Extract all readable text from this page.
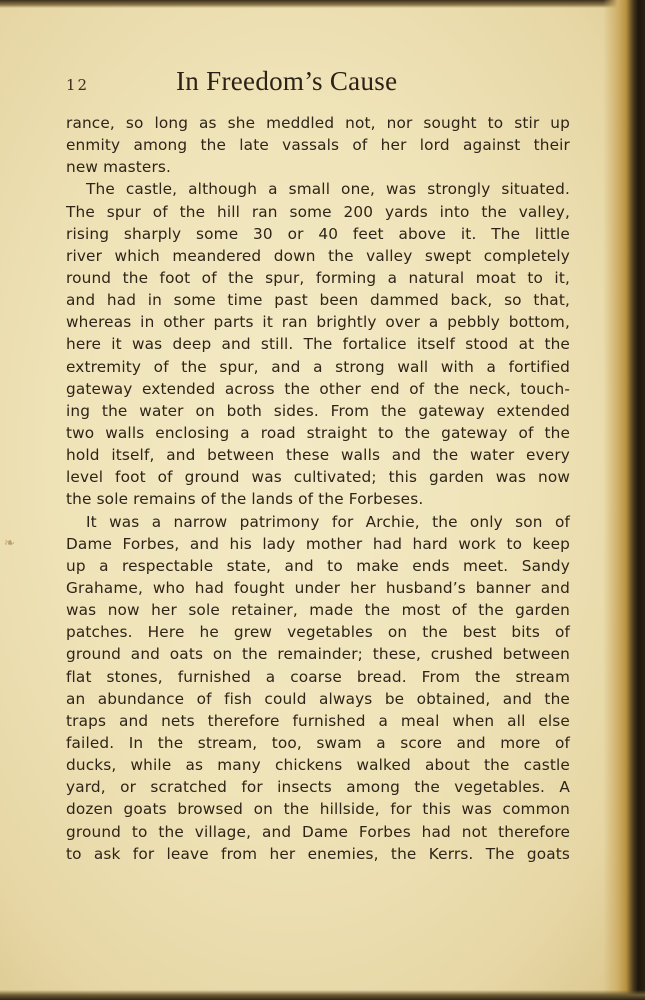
❧
12	In Freedom’s Cause
rance, so long as she meddled not, nor sought to stir up
enmity among the late vassals of her lord against their
new masters.
The castle, although a small one, was strongly situated.
The spur of the hill ran some 200 yards into the valley,
rising sharply some 30 or 40 feet above it. The little
river which meandered down the valley swept completely
round the foot of the spur, forming a natural moat to it,
and had in some time past been dammed back, so that,
whereas in other parts it ran brightly over a pebbly bottom,
here it was deep and still. The fortalice itself stood at the
extremity of the spur, and a strong wall with a fortified
gateway extended across the other end of the neck, touch-
ing the water on both sides. From the gateway extended
two walls enclosing a road straight to the gateway of the
hold itself, and between these walls and the water every
level foot of ground was cultivated; this garden was now
the sole remains of the lands of the Forbeses.
It was a narrow patrimony for Archie, the only son of
Dame Forbes, and his lady mother had hard work to keep
up a respectable state, and to make ends meet. Sandy
Grahame, who had fought under her husband’s banner and
was now her sole retainer, made the most of the garden
patches. Here he grew vegetables on the best bits of
ground and oats on the remainder; these, crushed between
flat stones, furnished a coarse bread. From the stream
an abundance of fish could always be obtained, and the
traps and nets therefore furnished a meal when all else
failed. In the stream, too, swam a score and more of
ducks, while as many chickens walked about the castle
yard, or scratched for insects among the vegetables. A
dozen goats browsed on the hillside, for this was common
ground to the village, and Dame Forbes had not therefore
to ask for leave from her enemies, the Kerrs. The goats
